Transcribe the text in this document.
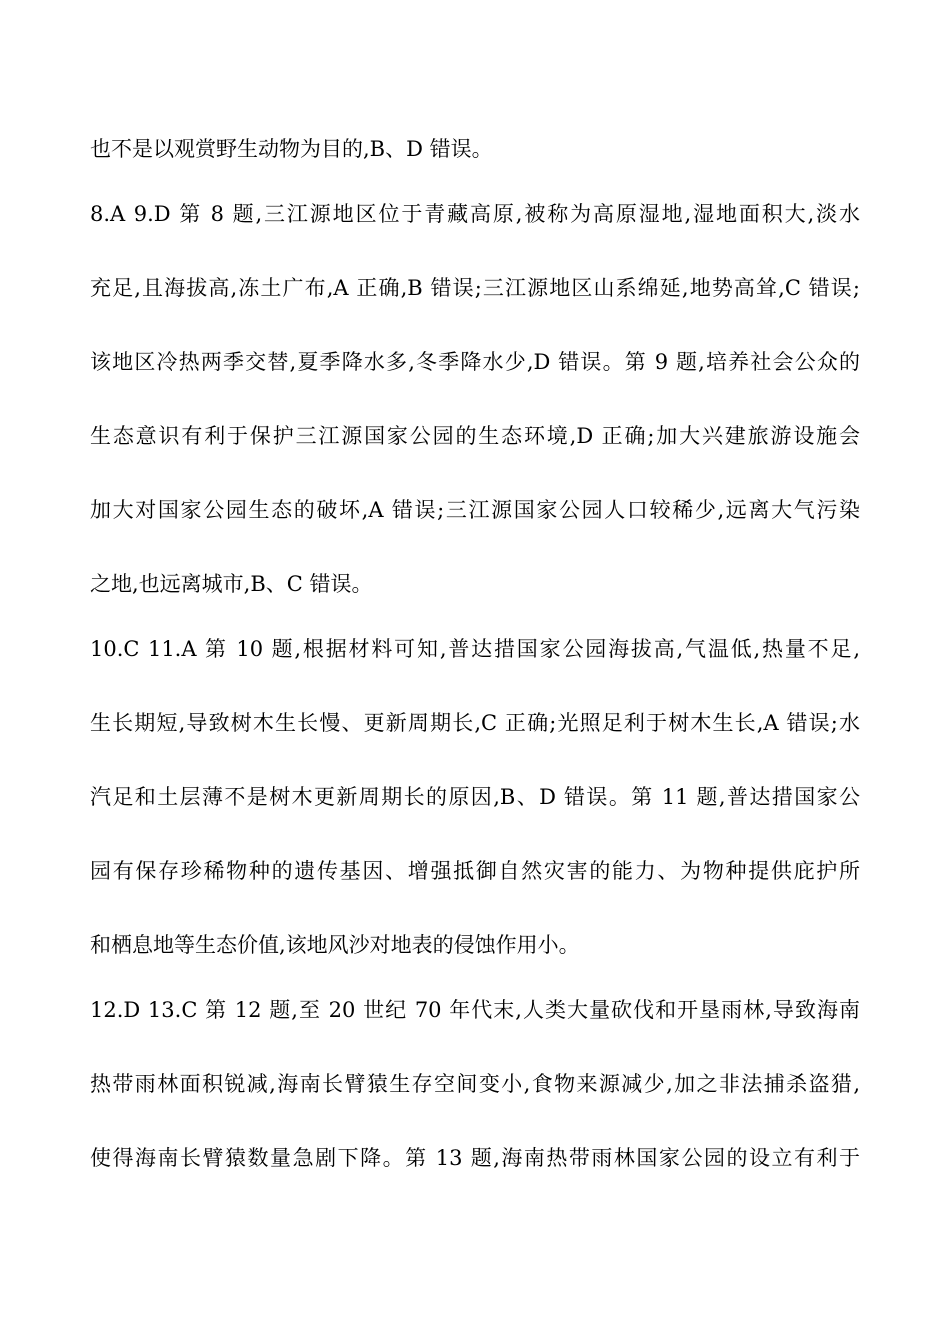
也不是以观赏野生动物为目的,B、D 错误。
8.A 9.D 第 8 题,三江源地区位于青藏高原,被称为高原湿地,湿地面积大,淡水
充足,且海拔高,冻土广布,A 正确,B 错误;三江源地区山系绵延,地势高耸,C 错误;
该地区冷热两季交替,夏季降水多,冬季降水少,D 错误。第 9 题,培养社会公众的
生态意识有利于保护三江源国家公园的生态环境,D 正确;加大兴建旅游设施会
加大对国家公园生态的破坏,A 错误;三江源国家公园人口较稀少,远离大气污染
之地,也远离城市,B、C 错误。
10.C 11.A 第 10 题,根据材料可知,普达措国家公园海拔高,气温低,热量不足,
生长期短,导致树木生长慢、更新周期长,C 正确;光照足利于树木生长,A 错误;水
汽足和土层薄不是树木更新周期长的原因,B、D 错误。第 11 题,普达措国家公
园有保存珍稀物种的遗传基因、增强抵御自然灾害的能力、为物种提供庇护所
和栖息地等生态价值,该地风沙对地表的侵蚀作用小。
12.D 13.C 第 12 题,至 20 世纪 70 年代末,人类大量砍伐和开垦雨林,导致海南
热带雨林面积锐减,海南长臂猿生存空间变小,食物来源减少,加之非法捕杀盗猎,
使得海南长臂猿数量急剧下降。第 13 题,海南热带雨林国家公园的设立有利于
